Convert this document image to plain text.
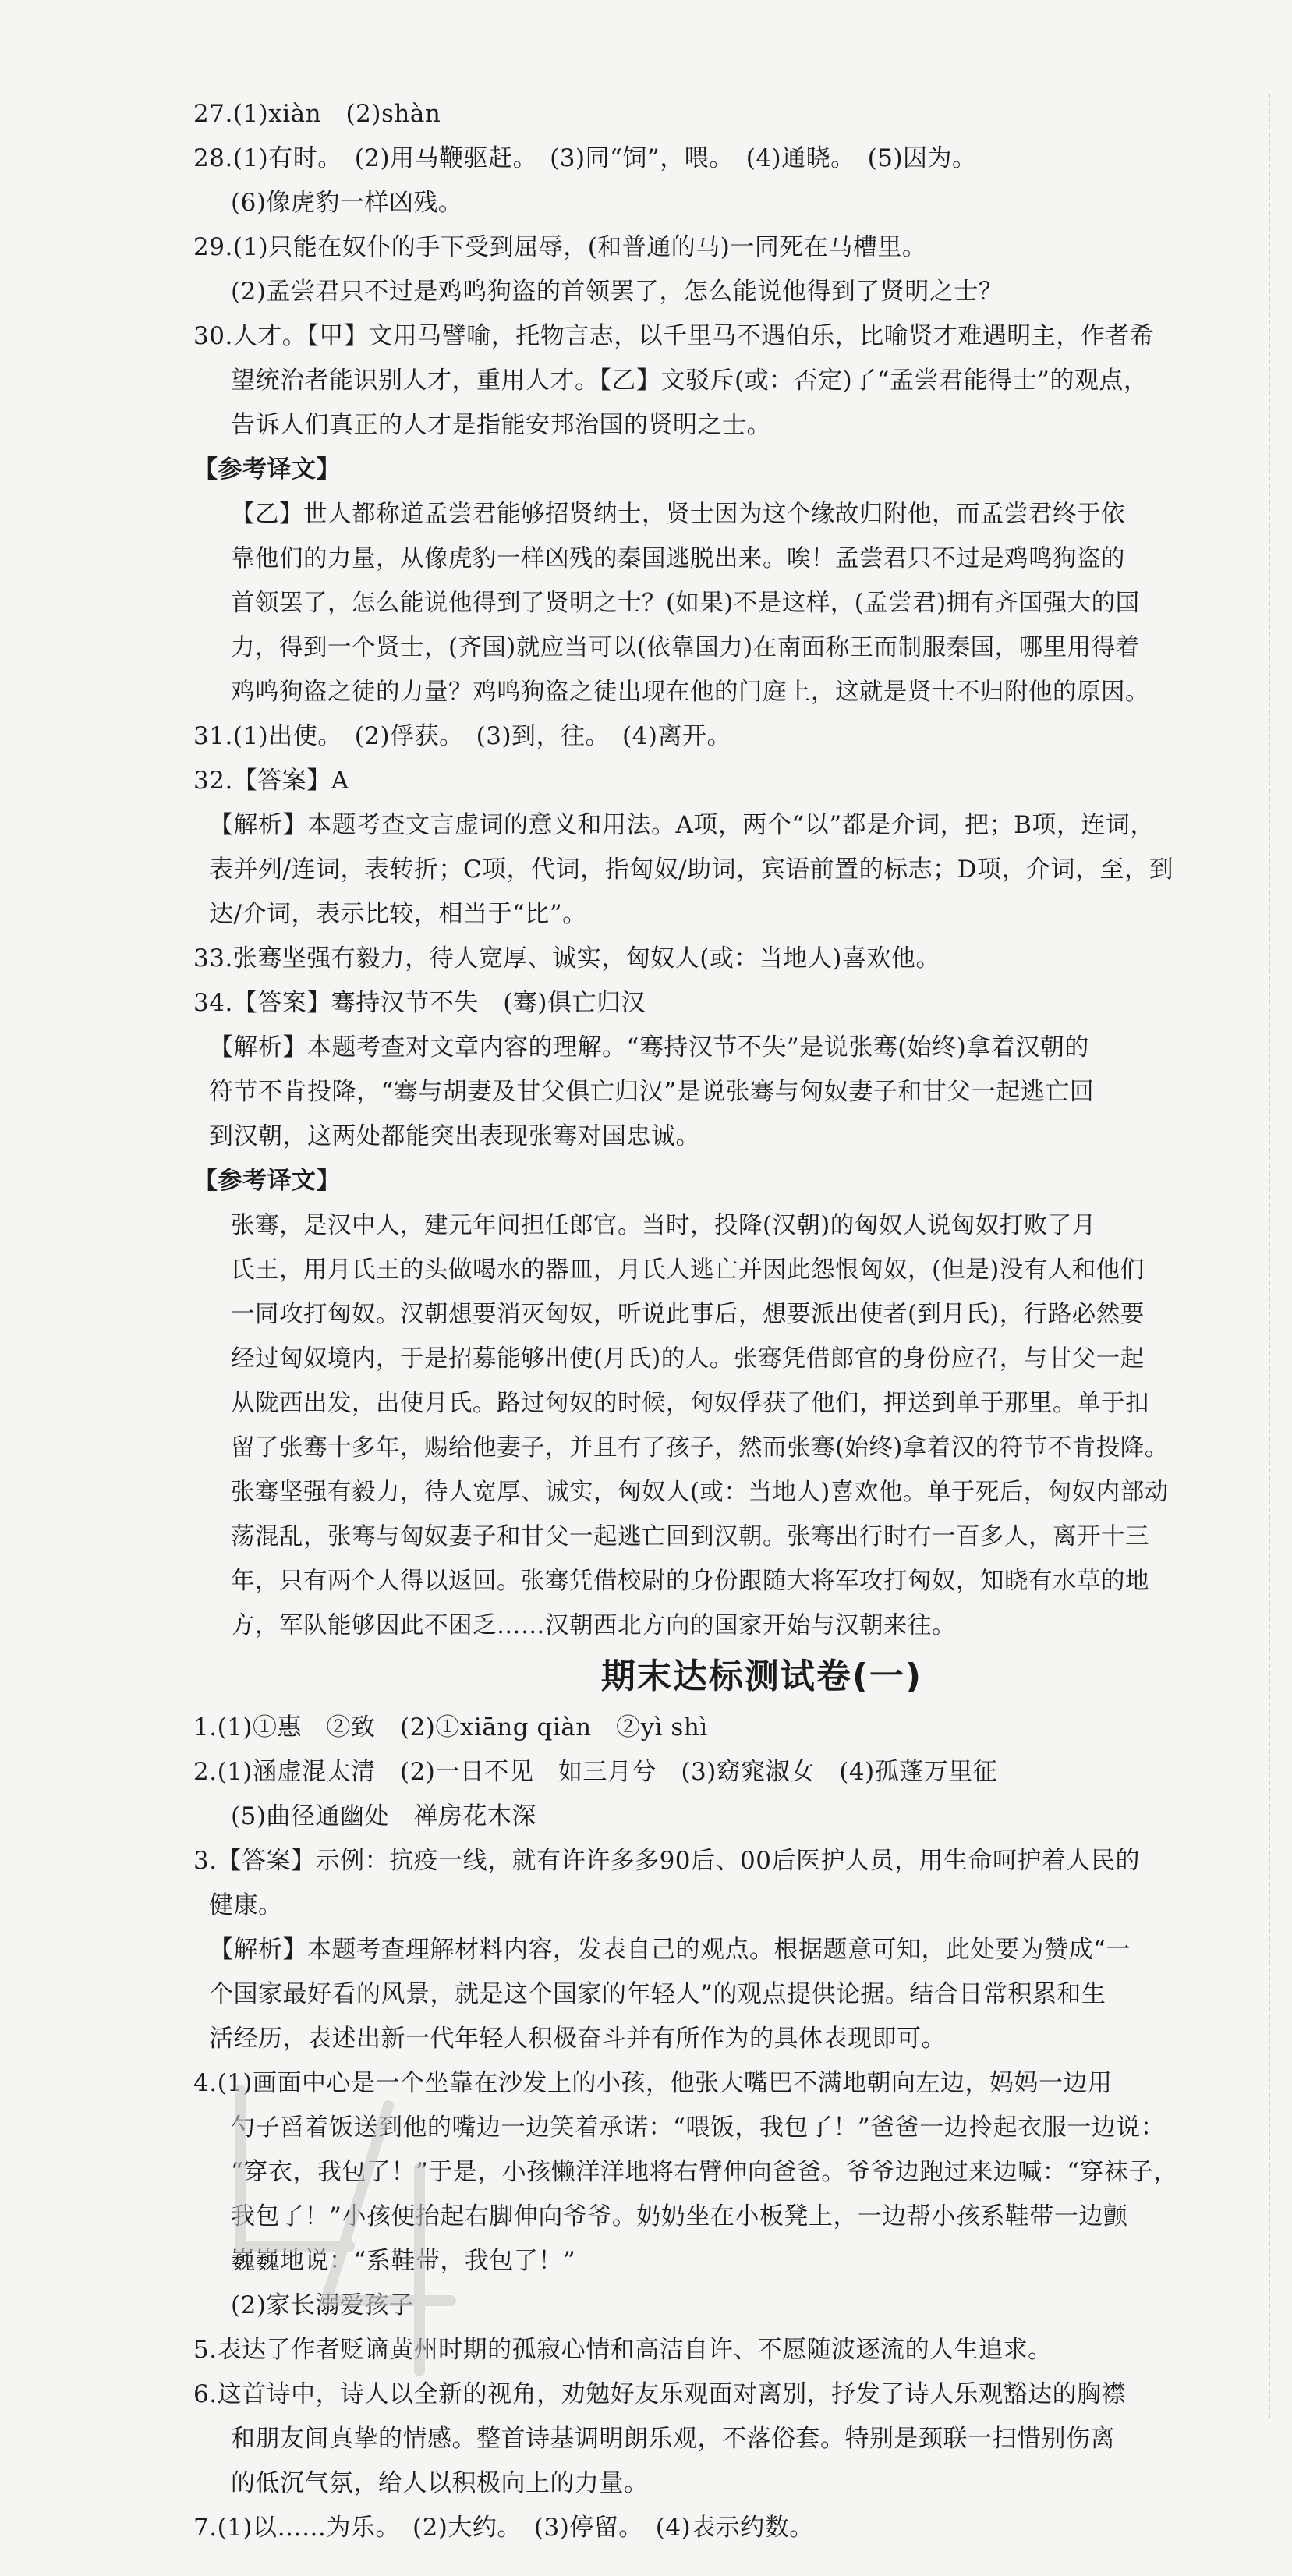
27.(1)xiàn　(2)shàn
28.(1)有时。　(2)用马鞭驱赶。　(3)同“饲”，喂。　(4)通晓。　(5)因为。
(6)像虎豹一样凶残。
29.(1)只能在奴仆的手下受到屈辱，(和普通的马)一同死在马槽里。
(2)孟尝君只不过是鸡鸣狗盗的首领罢了，怎么能说他得到了贤明之士？
30.人才。【甲】文用马譬喻，托物言志，以千里马不遇伯乐，比喻贤才难遇明主，作者希
望统治者能识别人才，重用人才。【乙】文驳斥(或：否定)了“孟尝君能得士”的观点，
告诉人们真正的人才是指能安邦治国的贤明之士。
【参考译文】
【乙】世人都称道孟尝君能够招贤纳士，贤士因为这个缘故归附他，而孟尝君终于依
靠他们的力量，从像虎豹一样凶残的秦国逃脱出来。唉！孟尝君只不过是鸡鸣狗盗的
首领罢了，怎么能说他得到了贤明之士？(如果)不是这样，(孟尝君)拥有齐国强大的国
力，得到一个贤士，(齐国)就应当可以(依靠国力)在南面称王而制服秦国，哪里用得着
鸡鸣狗盗之徒的力量？鸡鸣狗盗之徒出现在他的门庭上，这就是贤士不归附他的原因。
31.(1)出使。　(2)俘获。　(3)到，往。　(4)离开。
32.【答案】A
【解析】本题考查文言虚词的意义和用法。A项，两个“以”都是介词，把；B项，连词，
表并列/连词，表转折；C项，代词，指匈奴/助词，宾语前置的标志；D项，介词，至，到
达/介词，表示比较，相当于“比”。
33.张骞坚强有毅力，待人宽厚、诚实，匈奴人(或：当地人)喜欢他。
34.【答案】骞持汉节不失　(骞)俱亡归汉
【解析】本题考查对文章内容的理解。“骞持汉节不失”是说张骞(始终)拿着汉朝的
符节不肯投降，“骞与胡妻及甘父俱亡归汉”是说张骞与匈奴妻子和甘父一起逃亡回
到汉朝，这两处都能突出表现张骞对国忠诚。
【参考译文】
张骞，是汉中人，建元年间担任郎官。当时，投降(汉朝)的匈奴人说匈奴打败了月
氏王，用月氏王的头做喝水的器皿，月氏人逃亡并因此怨恨匈奴，(但是)没有人和他们
一同攻打匈奴。汉朝想要消灭匈奴，听说此事后，想要派出使者(到月氏)，行路必然要
经过匈奴境内，于是招募能够出使(月氏)的人。张骞凭借郎官的身份应召，与甘父一起
从陇西出发，出使月氏。路过匈奴的时候，匈奴俘获了他们，押送到单于那里。单于扣
留了张骞十多年，赐给他妻子，并且有了孩子，然而张骞(始终)拿着汉的符节不肯投降。
张骞坚强有毅力，待人宽厚、诚实，匈奴人(或：当地人)喜欢他。单于死后，匈奴内部动
荡混乱，张骞与匈奴妻子和甘父一起逃亡回到汉朝。张骞出行时有一百多人，离开十三
年，只有两个人得以返回。张骞凭借校尉的身份跟随大将军攻打匈奴，知晓有水草的地
方，军队能够因此不困乏……汉朝西北方向的国家开始与汉朝来往。
期末达标测试卷(一)
1.(1)①惠　②致　(2)①xiāng qiàn　②yì shì
2.(1)涵虚混太清　(2)一日不见　如三月兮　(3)窈窕淑女　(4)孤蓬万里征
(5)曲径通幽处　禅房花木深
3.【答案】示例：抗疫一线，就有许许多多90后、00后医护人员，用生命呵护着人民的
健康。
【解析】本题考查理解材料内容，发表自己的观点。根据题意可知，此处要为赞成“一
个国家最好看的风景，就是这个国家的年轻人”的观点提供论据。结合日常积累和生
活经历，表述出新一代年轻人积极奋斗并有所作为的具体表现即可。
4.(1)画面中心是一个坐靠在沙发上的小孩，他张大嘴巴不满地朝向左边，妈妈一边用
勺子舀着饭送到他的嘴边一边笑着承诺：“喂饭，我包了！”爸爸一边拎起衣服一边说：
“穿衣，我包了！”于是，小孩懒洋洋地将右臂伸向爸爸。爷爷边跑过来边喊：“穿袜子，
我包了！”小孩便抬起右脚伸向爷爷。奶奶坐在小板凳上，一边帮小孩系鞋带一边颤
巍巍地说：“系鞋带，我包了！”
(2)家长溺爱孩子
5.表达了作者贬谪黄州时期的孤寂心情和高洁自许、不愿随波逐流的人生追求。
6.这首诗中，诗人以全新的视角，劝勉好友乐观面对离别，抒发了诗人乐观豁达的胸襟
和朋友间真挚的情感。整首诗基调明朗乐观，不落俗套。特别是颈联一扫惜别伤离
的低沉气氛，给人以积极向上的力量。
7.(1)以……为乐。　(2)大约。　(3)停留。　(4)表示约数。
